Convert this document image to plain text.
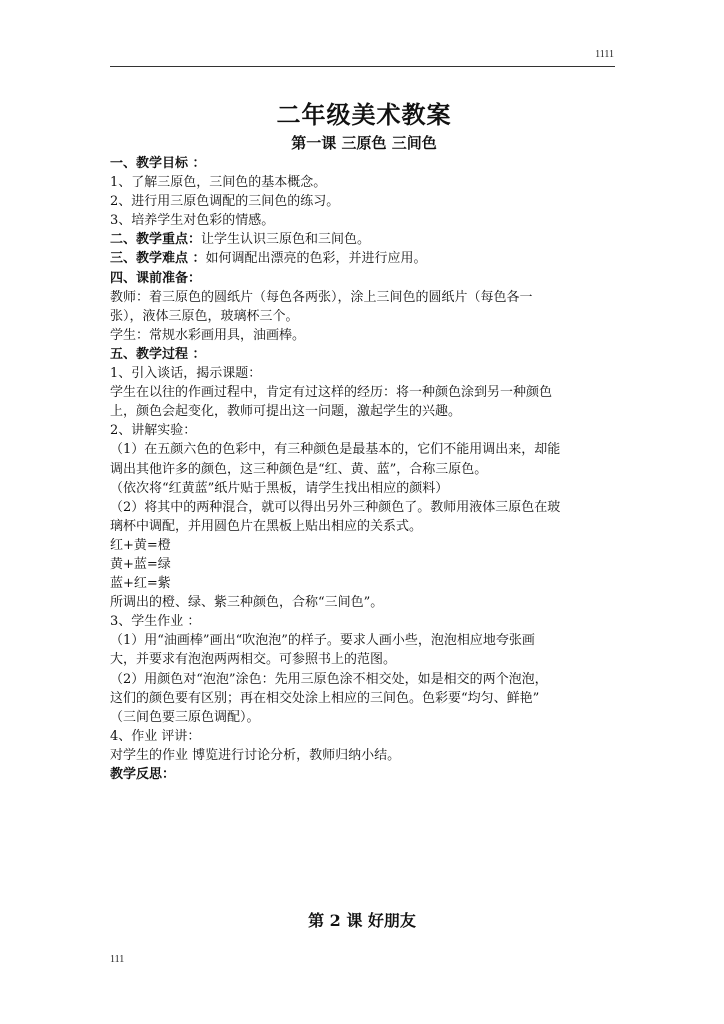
1111
二年级美术教案
第一课 三原色 三间色

一、教学目标 ：

1、了解三原色，三间色的基本概念。

2、进行用三原色调配的三间色的练习。

3、培养学生对色彩的情感。

二、教学重点：让学生认识三原色和三间色。

三、教学难点 ：如何调配出漂亮的色彩，并进行应用。

四、课前准备：

教师：着三原色的圆纸片（每色各两张），涂上三间色的圆纸片（每色各一

张），液体三原色，玻璃杯三个。

学生：常规水彩画用具，油画棒。

五、教学过程 ：

1、引入谈话，揭示课题：

学生在以往的作画过程中，肯定有过这样的经历：将一种颜色涂到另一种颜色

上，颜色会起变化，教师可提出这一问题，激起学生的兴趣。

2、讲解实验：

（1）在五颜六色的色彩中，有三种颜色是最基本的，它们不能用调出来，却能

调出其他许多的颜色，这三种颜色是“红、黄、蓝”，合称三原色。

（依次将“红黄蓝”纸片贴于黑板，请学生找出相应的颜料）

（2）将其中的两种混合，就可以得出另外三种颜色了。教师用液体三原色在玻

璃杯中调配，并用圆色片在黑板上贴出相应的关系式。

红+黄=橙

黄+蓝=绿

蓝+红=紫

所调出的橙、绿、紫三种颜色，合称“三间色”。

3、学生作业 ：

（1）用“油画棒”画出“吹泡泡”的样子。要求人画小些，泡泡相应地夸张画

大，并要求有泡泡两两相交。可参照书上的范图。

（2）用颜色对“泡泡”涂色：先用三原色涂不相交处，如是相交的两个泡泡，

这们的颜色要有区别；再在相交处涂上相应的三间色。色彩要“均匀、鲜艳”

（三间色要三原色调配）。

4、作业 评讲：

对学生的作业 博览进行讨论分析，教师归纳小结。

教学反思：

第 2 课 好朋友
111
